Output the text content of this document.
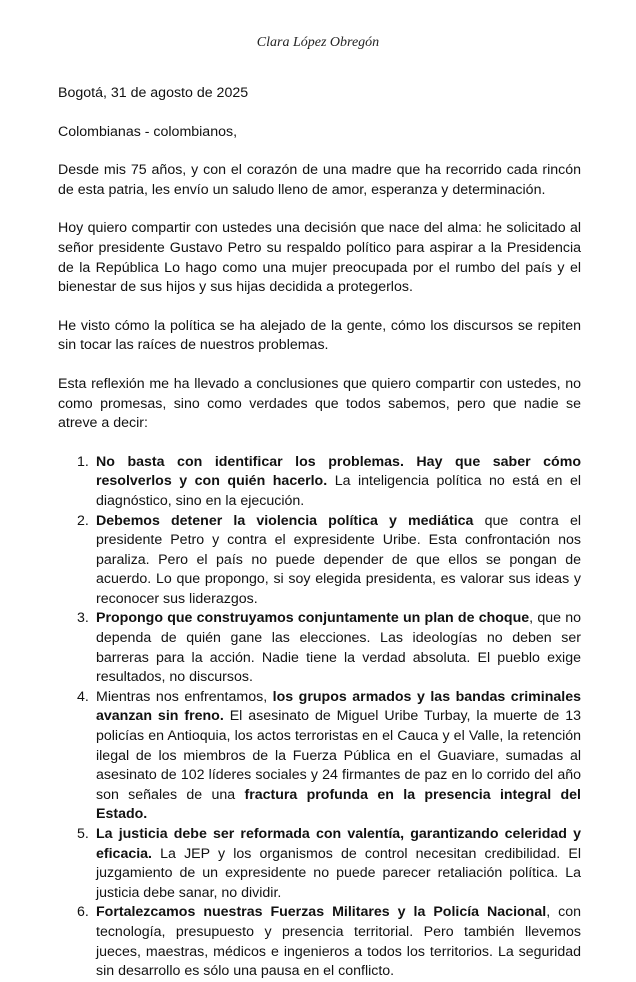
Clara López Obregón

Bogotá, 31 de agosto de 2025

Colombianas - colombianos,

Desde mis 75 años, y con el corazón de una madre que ha recorrido cada rincón de esta patria, les envío un saludo lleno de amor, esperanza y determinación.

Hoy quiero compartir con ustedes una decisión que nace del alma: he solicitado al señor presidente Gustavo Petro su respaldo político para aspirar a la Presidencia de la República Lo hago como una mujer preocupada por el rumbo del país y el bienestar de sus hijos y sus hijas decidida a protegerlos.

He visto cómo la política se ha alejado de la gente, cómo los discursos se repiten sin tocar las raíces de nuestros problemas.

Esta reflexión me ha llevado a conclusiones que quiero compartir con ustedes, no como promesas, sino como verdades que todos sabemos, pero que nadie se atreve a decir:

1. No basta con identificar los problemas. Hay que saber cómo resolverlos y con quién hacerlo. La inteligencia política no está en el diagnóstico, sino en la ejecución.
2. Debemos detener la violencia política y mediática que contra el presidente Petro y contra el expresidente Uribe. Esta confrontación nos paraliza. Pero el país no puede depender de que ellos se pongan de acuerdo. Lo que propongo, si soy elegida presidenta, es valorar sus ideas y reconocer sus liderazgos.
3. Propongo que construyamos conjuntamente un plan de choque, que no dependa de quién gane las elecciones. Las ideologías no deben ser barreras para la acción. Nadie tiene la verdad absoluta. El pueblo exige resultados, no discursos.
4. Mientras nos enfrentamos, los grupos armados y las bandas criminales avanzan sin freno. El asesinato de Miguel Uribe Turbay, la muerte de 13 policías en Antioquia, los actos terroristas en el Cauca y el Valle, la retención ilegal de los miembros de la Fuerza Pública en el Guaviare, sumadas al asesinato de 102 líderes sociales y 24 firmantes de paz en lo corrido del año son señales de una fractura profunda en la presencia integral del Estado.
5. La justicia debe ser reformada con valentía, garantizando celeridad y eficacia. La JEP y los organismos de control necesitan credibilidad. El juzgamiento de un expresidente no puede parecer retaliación política. La justicia debe sanar, no dividir.
6. Fortalezcamos nuestras Fuerzas Militares y la Policía Nacional, con tecnología, presupuesto y presencia territorial. Pero también llevemos jueces, maestras, médicos e ingenieros a todos los territorios. La seguridad sin desarrollo es sólo una pausa en el conflicto.
